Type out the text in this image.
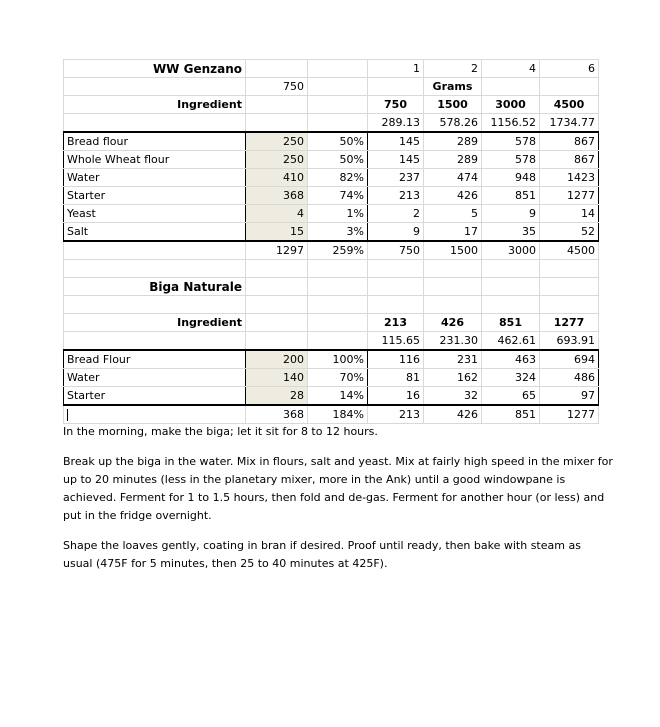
WW Genzano			1	2	4	6
	750			Grams		
Ingredient			750	1500	3000	4500
			289.13	578.26	1156.52	1734.77
Bread flour	250	50%	145	289	578	867
Whole Wheat flour	250	50%	145	289	578	867
Water	410	82%	237	474	948	1423
Starter	368	74%	213	426	851	1277
Yeast	4	1%	2	5	9	14
Salt	15	3%	9	17	35	52
	1297	259%	750	1500	3000	4500

Biga Naturale						

Ingredient			213	426	851	1277
			115.65	231.30	462.61	693.91
Bread Flour	200	100%	116	231	463	694
Water	140	70%	81	162	324	486
Starter	28	14%	16	32	65	97
	368	184%	213	426	851	1277

In the morning, make the biga; let it sit for 8 to 12 hours.

Break up the biga in the water. Mix in flours, salt and yeast. Mix at fairly high speed in the mixer for up to 20 minutes (less in the planetary mixer, more in the Ank) until a good windowpane is achieved. Ferment for 1 to 1.5 hours, then fold and de-gas. Ferment for another hour (or less) and put in the fridge overnight.

Shape the loaves gently, coating in bran if desired. Proof until ready, then bake with steam as usual (475F for 5 minutes, then 25 to 40 minutes at 425F).
